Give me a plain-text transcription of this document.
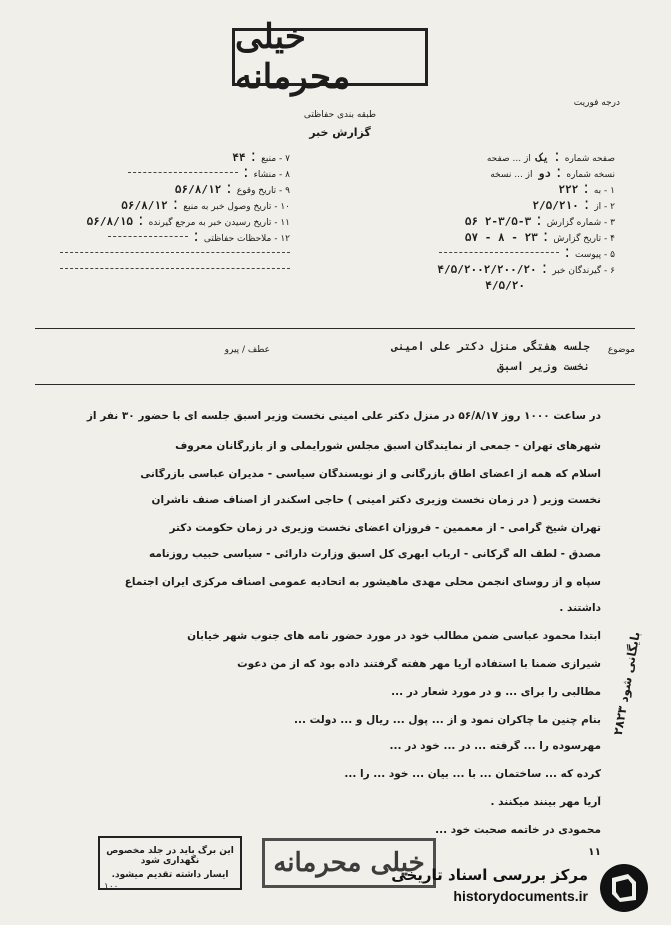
خیلی محرمانه
درجه فوریت
طبقه بندی حفاظتی
گزارش خبر
صفحه شماره : یک از ... صفحه
نسخه شماره : دو از ... نسخه
۱ - به : ۲۲۲
۲ - از : ۲/۵/۲۱۰
۳ - شماره گزارش : ۳-۳/۵-۲ ۵۶
۴ - تاریخ گزارش : ۲۳ - ۸ - ۵۷
۵ - پیوست :
۶ - گیرندگان خبر : ۴/۵/۲۰۰۲/۲۰۰/۲۰
۴/۵/۲۰
۷ - منبع : ۴۴
۸ - منشاء :
۹ - تاریخ وقوع : ۵۶/۸/۱۲
۱۰ - تاریخ وصول خبر به منبع : ۵۶/۸/۱۲
۱۱ - تاریخ رسیدن خبر به مرجع گیرنده : ۵۶/۸/۱۵
۱۲ - ملاحظات حفاظتی :
موضوع
جلسه هفتگی منزل دکتر علی امینی
نخست وزیر اسبق
عطف / پیرو
در ساعت ۱۰۰۰ روز ۵۶/۸/۱۷ در منزل دکتر علی امینی نخست وزیر اسبق جلسه ای با حضور ۳۰ نفر از
شهرهای تهران - جمعی از نمایندگان اسبق مجلس شورایملی و از بازرگانان معروف
اسلام که همه از اعضای اطاق بازرگانی و از نویسندگان سیاسی - مدیران عباسی بازرگانی
نخست وزیر ( در زمان نخست وزیری دکتر امینی ) حاجی اسکندر از اصناف صنف ناشران
تهران شیخ گرامی - از معممین - فروزان اعضای نخست وزیری در زمان حکومت دکتر
مصدق - لطف اله گرکانی - ارباب ابهری کل اسبق وزارت دارائی - سیاسی حبیب روزنامه
سپاه و از روسای انجمن محلی مهدی ماهیشور به اتحادیه عمومی اصناف مرکزی ایران اجتماع
داشتند .
ابتدا محمود عباسی ضمن مطالب خود در مورد حضور نامه های جنوب شهر خیابان
شیرازی ضمنا با استفاده آریا مهر هفته گرفتند داده بود که از من دعوت
مطالبی را برای ... و در مورد شعار در ...
بنام چنین ما چاکران نمود و از ... پول ... ریال و ... دولت ...
مهرسوده را ... گرفته ... در ... خود در ...
کرده که ... ساختمان ... با ... بیان ... خود ... را ...
آریا مهر بینند میکنند .
محمودی در خاتمه صحبت خود ...
۱۱
بایگانی شود ۲۸۲۳
این برگ باید در جلد مخصوص نگهداری شود
ایسار داشته تقدیم میشود.	خیلی محرمانه
۱۰۰
مرکز بررسی اسناد تاریخی
historydocuments.ir
